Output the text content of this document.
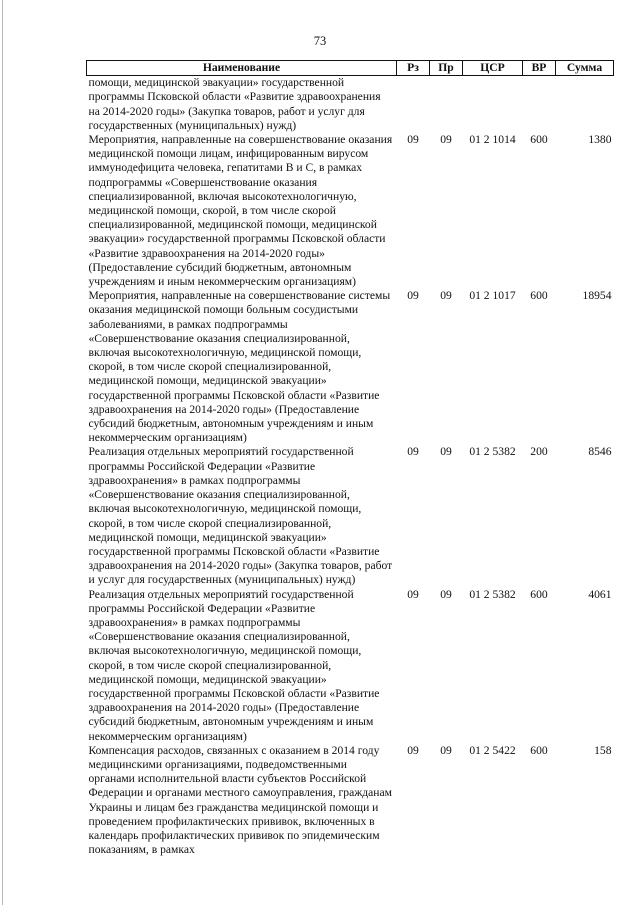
73
Наименование	Рз	Пр	ЦСР	ВР	Сумма
помощи, медицинской эвакуации» государственной программы Псковской области «Развитие здравоохранения на 2014-2020 годы» (Закупка товаров, работ и услуг для государственных (муниципальных) нужд)					
Мероприятия, направленные на совершенствование оказания медицинской помощи лицам, инфицированным вирусом иммунодефицита человека, гепатитами B и C, в рамках подпрограммы «Совершенствование оказания специализированной, включая высокотехнологичную, медицинской помощи, скорой, в том числе скорой специализированной, медицинской помощи, медицинской эвакуации» государственной программы Псковской области «Развитие здравоохранения на 2014-2020 годы» (Предоставление субсидий бюджетным, автономным учреждениям и иным некоммерческим организациям)	09	09	01 2 1014	600	1380
Мероприятия, направленные на совершенствование системы оказания медицинской помощи больным сосудистыми заболеваниями, в рамках подпрограммы «Совершенствование оказания специализированной, включая высокотехнологичную, медицинской помощи, скорой, в том числе скорой специализированной, медицинской помощи, медицинской эвакуации» государственной программы Псковской области «Развитие здравоохранения на 2014-2020 годы» (Предоставление субсидий бюджетным, автономным учреждениям и иным некоммерческим организациям)	09	09	01 2 1017	600	18954
Реализация отдельных мероприятий государственной программы Российской Федерации «Развитие здравоохранения» в рамках подпрограммы «Совершенствование оказания специализированной, включая высокотехнологичную, медицинской помощи, скорой, в том числе скорой специализированной, медицинской помощи, медицинской эвакуации» государственной программы Псковской области «Развитие здравоохранения на 2014-2020 годы» (Закупка товаров, работ и услуг для государственных (муниципальных) нужд)	09	09	01 2 5382	200	8546
Реализация отдельных мероприятий государственной программы Российской Федерации «Развитие здравоохранения» в рамках подпрограммы «Совершенствование оказания специализированной, включая высокотехнологичную, медицинской помощи, скорой, в том числе скорой специализированной, медицинской помощи, медицинской эвакуации» государственной программы Псковской области «Развитие здравоохранения на 2014-2020 годы» (Предоставление субсидий бюджетным, автономным учреждениям и иным некоммерческим организациям)	09	09	01 2 5382	600	4061
Компенсация расходов, связанных с оказанием в 2014 году медицинскими организациями, подведомственными органами исполнительной власти субъектов Российской Федерации и органами местного самоуправления, гражданам Украины и лицам без гражданства медицинской помощи и проведением профилактических прививок, включенных в календарь профилактических прививок по эпидемическим показаниям, в рамках	09	09	01 2 5422	600	158
